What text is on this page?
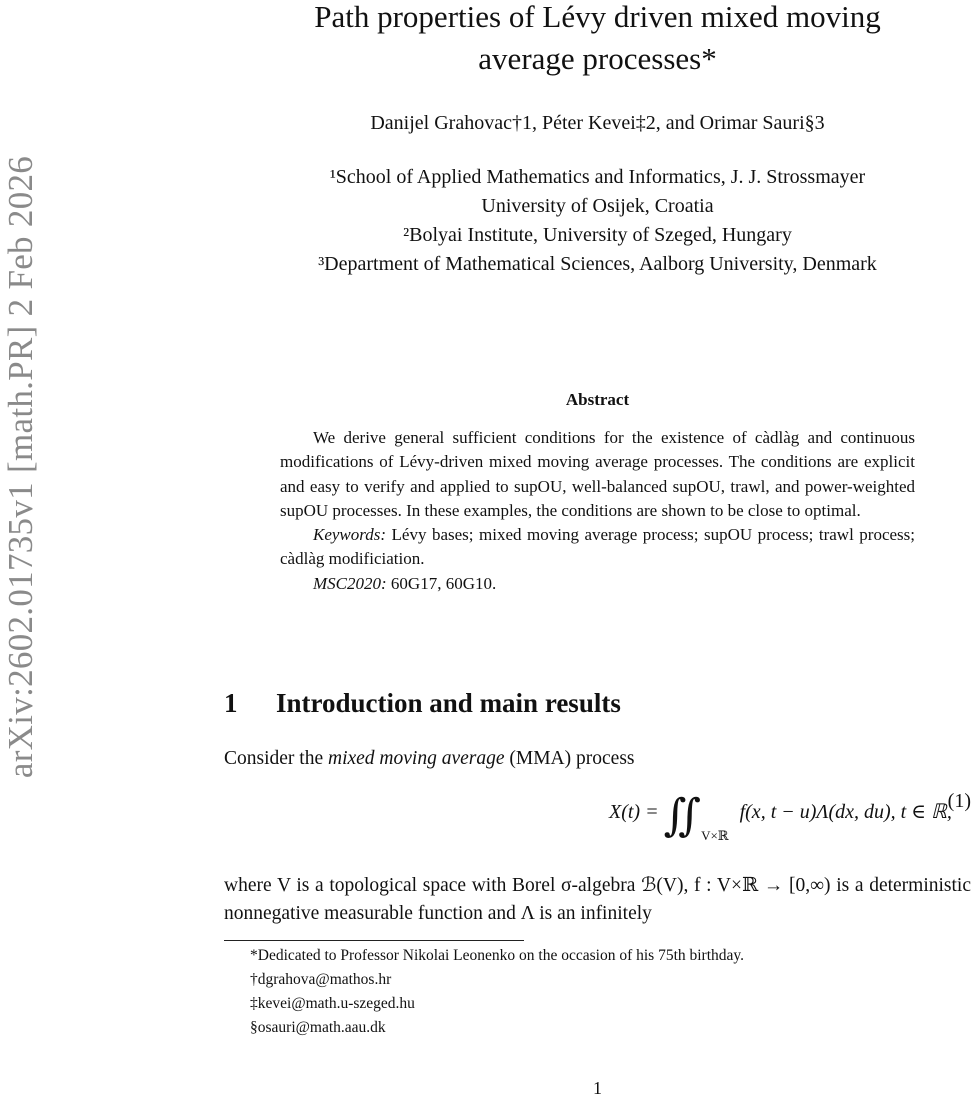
arXiv:2602.01735v1 [math.PR] 2 Feb 2026
Path properties of Lévy driven mixed moving
average processes*
Danijel Grahovac†1, Péter Kevei‡2, and Orimar Sauri§3
¹School of Applied Mathematics and Informatics, J. J. Strossmayer
University of Osijek, Croatia
²Bolyai Institute, University of Szeged, Hungary
³Department of Mathematical Sciences, Aalborg University, Denmark
Abstract

We derive general sufficient conditions for the existence of càdlàg and continuous modifications of Lévy-driven mixed moving average processes. The conditions are explicit and easy to verify and applied to supOU, well-balanced supOU, trawl, and power-weighted supOU processes. In these examples, the conditions are shown to be close to optimal.

Keywords: Lévy bases; mixed moving average process; supOU process; trawl process; càdlàg modificiation.

MSC2020: 60G17, 60G10.

1 Introduction and main results
Consider the mixed moving average (MMA) process
$X(t) = ∬_{V\times ℝ}$ f(x, t − u)Λ(dx, du), t ∈ ℝ,
(1)
where V is a topological space with Borel σ-algebra ℬ(V), f : V×ℝ → [0,∞) is a deterministic nonnegative measurable function and Λ is an infinitely
*Dedicated to Professor Nikolai Leonenko on the occasion of his 75th birthday.
†dgrahova@mathos.hr
‡kevei@math.u-szeged.hu
§osauri@math.aau.dk
1
